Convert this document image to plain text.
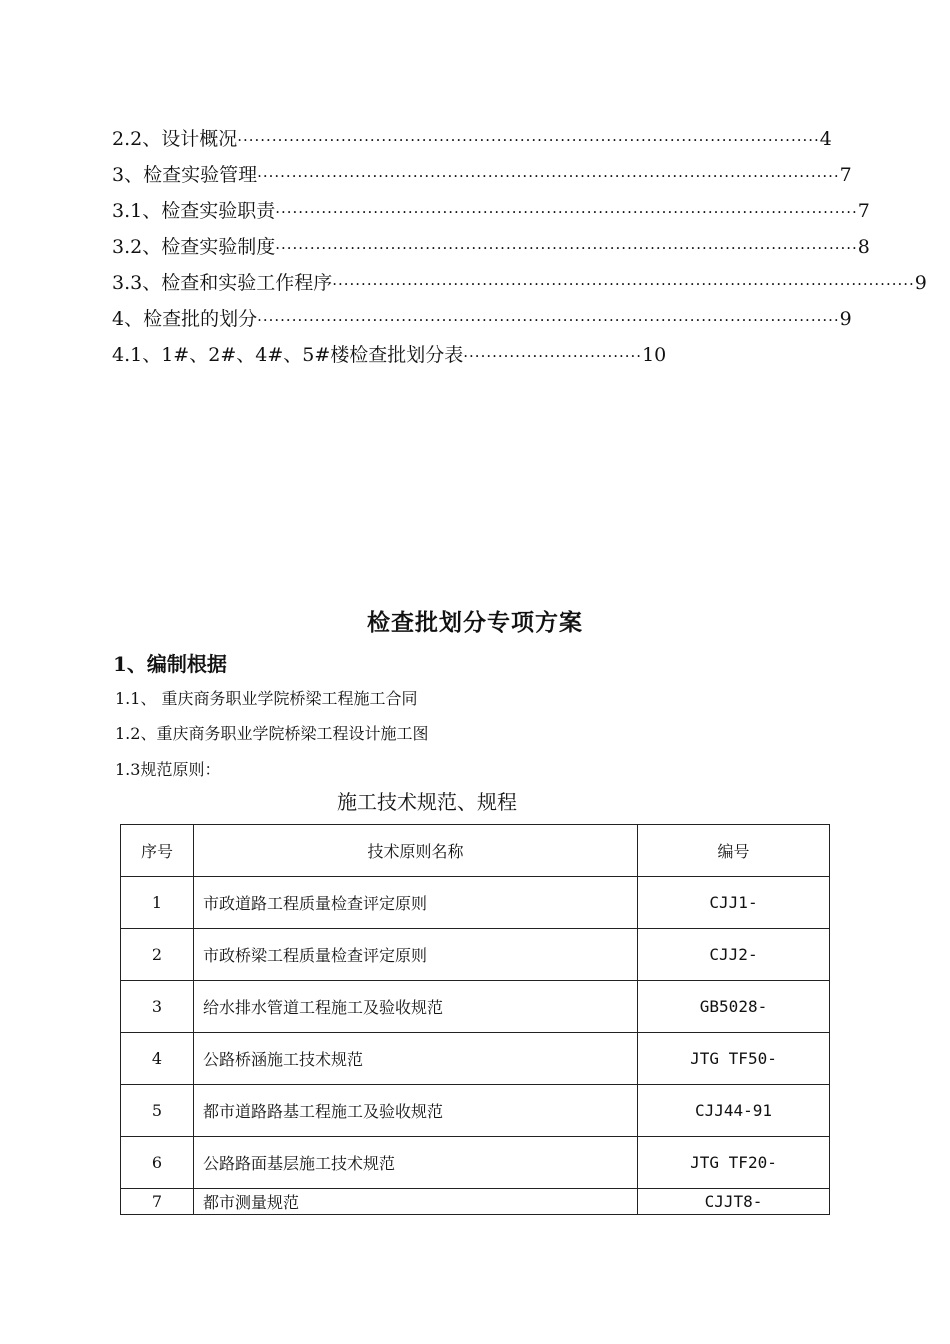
2.2、设计概况 ····································································································· 4
3、检查实验管理 ····································································································· 7
3.1、检查实验职责 ····································································································· 7
3.2、检查实验制度 ····································································································· 8
3.3、检查和实验工作程序 ····································································································· 9
4、检查批的划分 ····································································································· 9
4.1、1#、2#、4#、5#楼检查批划分表 ······························· 10
检查批划分专项方案
1、编制根据
1.1、 重庆商务职业学院桥梁工程施工合同
1.2、重庆商务职业学院桥梁工程设计施工图
1.3规范原则：
施工技术规范、规程
序号	技术原则名称	编号
1	市政道路工程质量检查评定原则	CJJ1-
2	市政桥梁工程质量检查评定原则	CJJ2-
3	给水排水管道工程施工及验收规范	GB5028-
4	公路桥涵施工技术规范	JTG TF50-
5	都市道路路基工程施工及验收规范	CJJ44-91
6	公路路面基层施工技术规范	JTG TF20-
7	都市测量规范	CJJT8-
